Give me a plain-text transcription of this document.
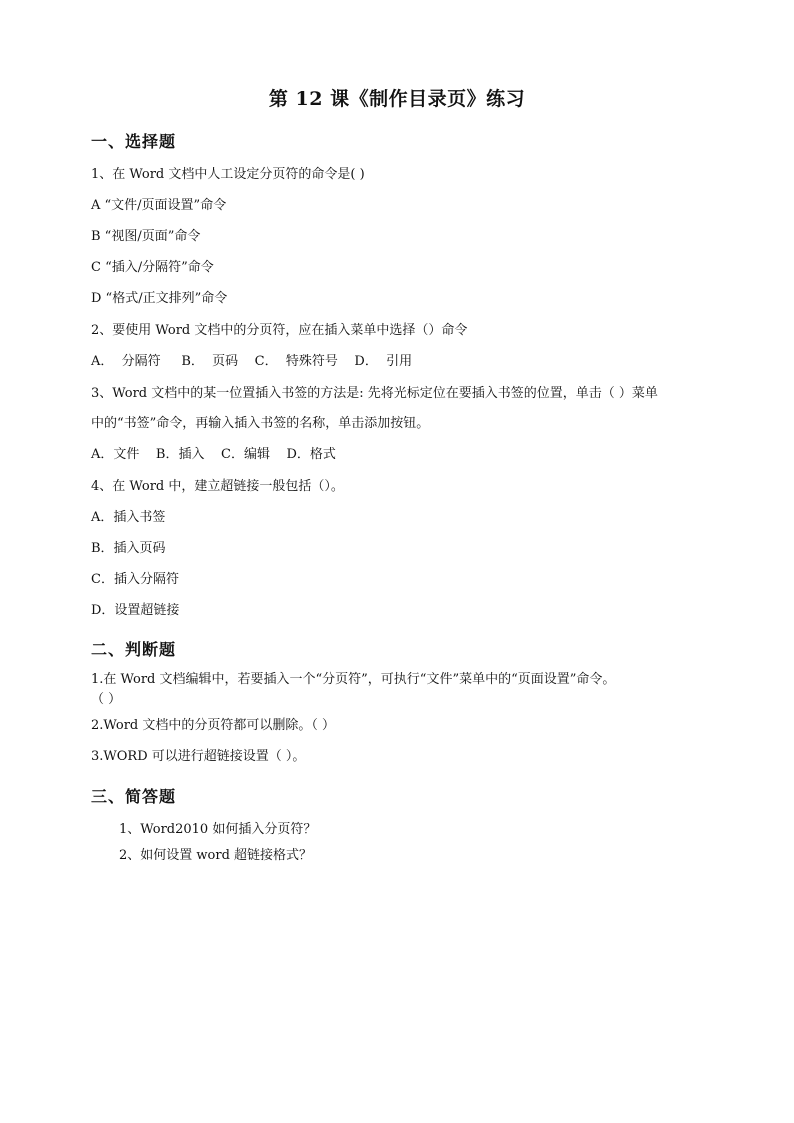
第 12 课《制作目录页》练习
一、选择题
1、在 Word 文档中人工设定分页符的命令是( )
A “文件/页面设置”命令
B “视图/页面”命令
C “插入/分隔符”命令
D “格式/正文排列”命令
2、要使用 Word 文档中的分页符，应在插入菜单中选择（）命令
A．  分隔符     B．  页码    C．  特殊符号    D．  引用
3、Word 文档中的某一位置插入书签的方法是: 先将光标定位在要插入书签的位置，单击（ ）菜单
中的“书签”命令，再输入插入书签的名称，单击添加按钮。
A．文件    B．插入    C．编辑    D．格式
4、在 Word 中，建立超链接一般包括（）。
A．插入书签
B．插入页码
C．插入分隔符
D．设置超链接
二、判断题
1.在 Word 文档编辑中，若要插入一个“分页符”，可执行“文件”菜单中的“页面设置”命令。
（ ）
2.Word 文档中的分页符都可以删除。（ ）
3.WORD 可以进行超链接设置（ ）。
三、简答题
1、Word2010 如何插入分页符？
2、如何设置 word 超链接格式？
